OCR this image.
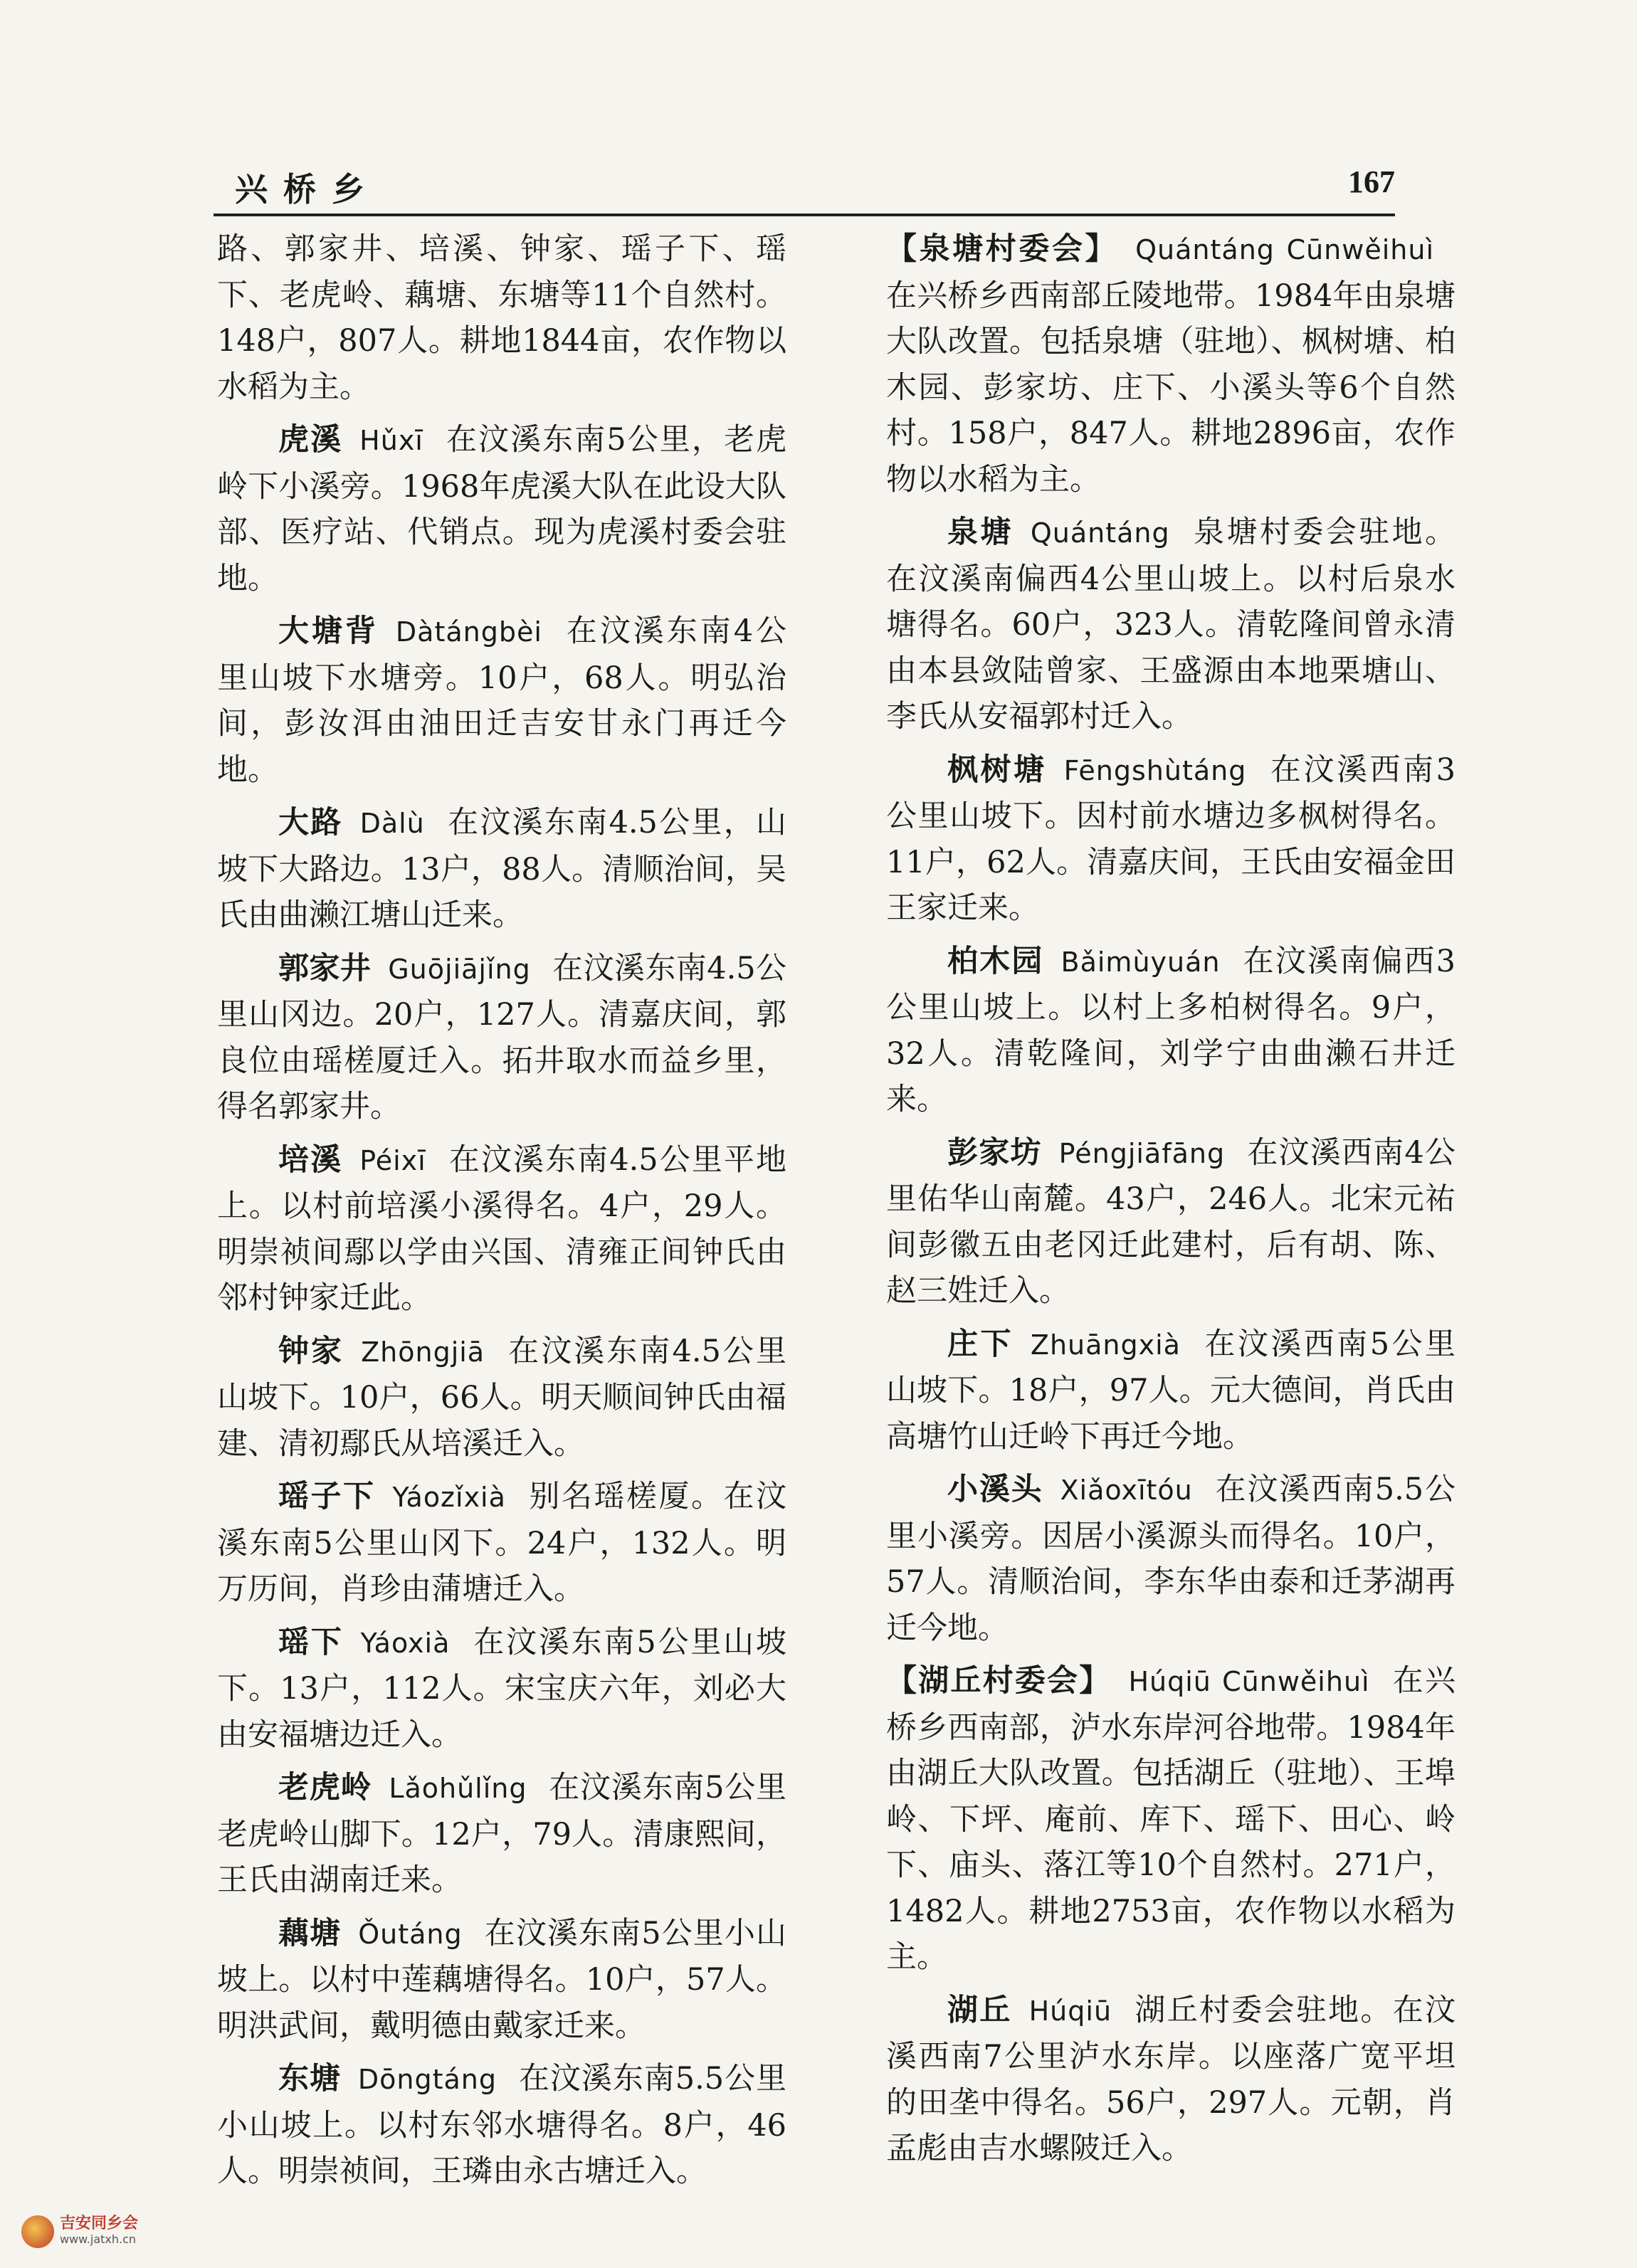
兴桥乡	167

路、郭家井、培溪、钟家、瑶子下、瑶下、老虎岭、藕塘、东塘等11个自然村。148户，807人。耕地1844亩，农作物以水稻为主。

虎溪 Hǔxī 在汶溪东南5公里，老虎岭下小溪旁。1968年虎溪大队在此设大队部、医疗站、代销点。现为虎溪村委会驻地。

大塘背 Dàtángbèi 在汶溪东南4公里山坡下水塘旁。10户，68人。明弘治间，彭汝洱由油田迁吉安甘永门再迁今地。

大路 Dàlù 在汶溪东南4.5公里，山坡下大路边。13户，88人。清顺治间，吴氏由曲濑江塘山迁来。

郭家井 Guōjiājǐng 在汶溪东南4.5公里山冈边。20户，127人。清嘉庆间，郭良位由瑶槎厦迁入。拓井取水而益乡里，得名郭家井。

培溪 Péixī 在汶溪东南4.5公里平地上。以村前培溪小溪得名。4户，29人。明崇祯间鄢以学由兴国、清雍正间钟氏由邻村钟家迁此。

钟家 Zhōngjiā 在汶溪东南4.5公里山坡下。10户，66人。明天顺间钟氏由福建、清初鄢氏从培溪迁入。

瑶子下 Yáozǐxià 别名瑶槎厦。在汶溪东南5公里山冈下。24户，132人。明万历间，肖珍由蒲塘迁入。

瑶下 Yáoxià 在汶溪东南5公里山坡下。13户，112人。宋宝庆六年，刘必大由安福塘边迁入。

老虎岭 Lǎohǔlǐng 在汶溪东南5公里老虎岭山脚下。12户，79人。清康熙间，王氏由湖南迁来。

藕塘 Ǒutáng 在汶溪东南5公里小山坡上。以村中莲藕塘得名。10户，57人。明洪武间，戴明德由戴家迁来。

东塘 Dōngtáng 在汶溪东南5.5公里小山坡上。以村东邻水塘得名。8户，46人。明崇祯间，王璘由永古塘迁入。

【泉塘村委会】 Quántáng Cūnwěihuì在兴桥乡西南部丘陵地带。1984年由泉塘大队改置。包括泉塘（驻地）、枫树塘、柏木园、彭家坊、庄下、小溪头等6个自然村。158户，847人。耕地2896亩，农作物以水稻为主。

泉塘 Quántáng 泉塘村委会驻地。在汶溪南偏西4公里山坡上。以村后泉水塘得名。60户，323人。清乾隆间曾永清由本县敛陆曾家、王盛源由本地栗塘山、李氏从安福郭村迁入。

枫树塘 Fēngshùtáng 在汶溪西南3公里山坡下。因村前水塘边多枫树得名。11户，62人。清嘉庆间，王氏由安福金田王家迁来。

柏木园 Bǎimùyuán 在汶溪南偏西3公里山坡上。以村上多柏树得名。9户，32人。清乾隆间，刘学宁由曲濑石井迁来。

彭家坊 Péngjiāfāng 在汶溪西南4公里佑华山南麓。43户，246人。北宋元祐间彭徽五由老冈迁此建村，后有胡、陈、赵三姓迁入。

庄下 Zhuāngxià 在汶溪西南5公里山坡下。18户，97人。元大德间，肖氏由高塘竹山迁岭下再迁今地。

小溪头 Xiǎoxītóu 在汶溪西南5.5公里小溪旁。因居小溪源头而得名。10户，57人。清顺治间，李东华由泰和迁茅湖再迁今地。

【湖丘村委会】 Húqiū Cūnwěihuì 在兴桥乡西南部，泸水东岸河谷地带。1984年由湖丘大队改置。包括湖丘（驻地）、王埠岭、下坪、庵前、库下、瑶下、田心、岭下、庙头、落江等10个自然村。271户，1482人。耕地2753亩，农作物以水稻为主。

湖丘 Húqiū 湖丘村委会驻地。在汶溪西南7公里泸水东岸。以座落广宽平坦的田垄中得名。56户，297人。元朝，肖孟彪由吉水螺陂迁入。

吉安同乡会
www.jatxh.cn
